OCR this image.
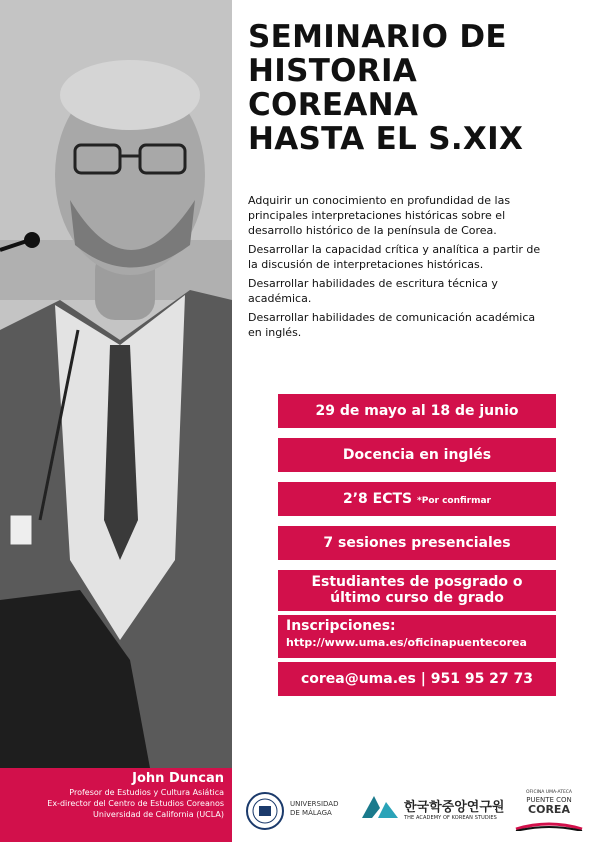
John Duncan
Profesor de Estudios y Cultura Asiática
Ex-director del Centro de Estudios Coreanos
Universidad de California (UCLA)
SEMINARIO DE
HISTORIA
COREANA
HASTA EL S.XIX

Adquirir un conocimiento en profundidad de las principales interpretaciones históricas sobre el desarrollo histórico de la península de Corea.

Desarrollar la capacidad crítica y analítica a partir de la discusión de interpretaciones históricas.

Desarrollar habilidades de escritura técnica y académica.

Desarrollar habilidades de comunicación académica en inglés.

29 de mayo al 18 de junio
Docencia en inglés
2’8 ECTS *Por confirmar
7 sesiones presenciales
Estudiantes de posgrado o
último curso de grado
Inscripciones:
http://www.uma.es/oficinapuentecorea
corea@uma.es | 951 95 27 73
UNIVERSIDAD
DE MÁLAGA	한국학중앙연구원
THE ACADEMY OF KOREAN STUDIES
OFICINA UMA-ATECA
PUENTE CON
COREA
